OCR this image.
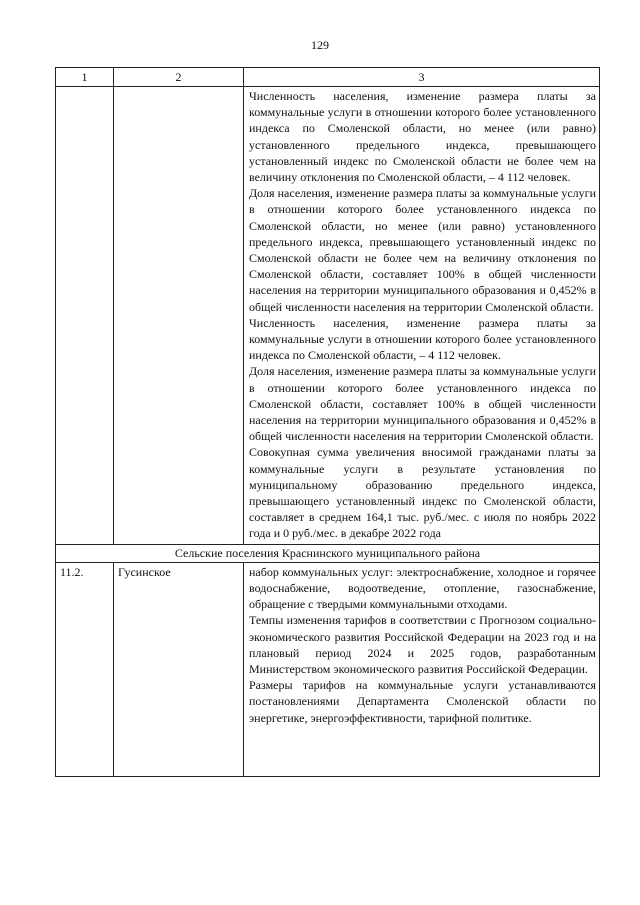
129
1	2	3

		Численность населения, изменение размера платы за коммунальные услуги в отношении которого более установленного индекса по Смоленской области, но менее (или равно) установленного предельного индекса, превышающего установленный индекс по Смоленской области не более чем на величину отклонения по Смоленской области, – 4 112 человек.

Доля населения, изменение размера платы за коммунальные услуги в отношении которого более установленного индекса по Смоленской области, но менее (или равно) установленного предельного индекса, превышающего установленный индекс по Смоленской области не более чем на величину отклонения по Смоленской области, составляет 100% в общей численности населения на территории муниципального образования и 0,452% в общей численности населения на территории Смоленской области.

Численность населения, изменение размера платы за коммунальные услуги в отношении которого более установленного индекса по Смоленской области, – 4 112 человек.

Доля населения, изменение размера платы за коммунальные услуги в отношении которого более установленного индекса по Смоленской области, составляет 100% в общей численности населения на территории муниципального образования и 0,452% в общей численности населения на территории Смоленской области.

Совокупная сумма увеличения вносимой гражданами платы за коммунальные услуги в результате установления по муниципальному образованию предельного индекса, превышающего установленный индекс по Смоленской области, составляет в среднем 164,1 тыс. руб./мес. с июля по ноябрь 2022 года и 0 руб./мес. в декабре 2022 года

Сельские поселения Краснинского муниципального района		
11.2.	Гусинское	набор коммунальных услуг: электроснабжение, холодное и горячее водоснабжение, водоотведение, отопление, газоснабжение, обращение с твердыми коммунальными отходами.

Темпы изменения тарифов в соответствии с Прогнозом социально-экономического развития Российской Федерации на 2023 год и на плановый период 2024 и 2025 годов, разработанным Министерством экономического развития Российской Федерации.

Размеры тарифов на коммунальные услуги устанавливаются постановлениями Департамента Смоленской области по энергетике, энергоэффективности, тарифной политике.
